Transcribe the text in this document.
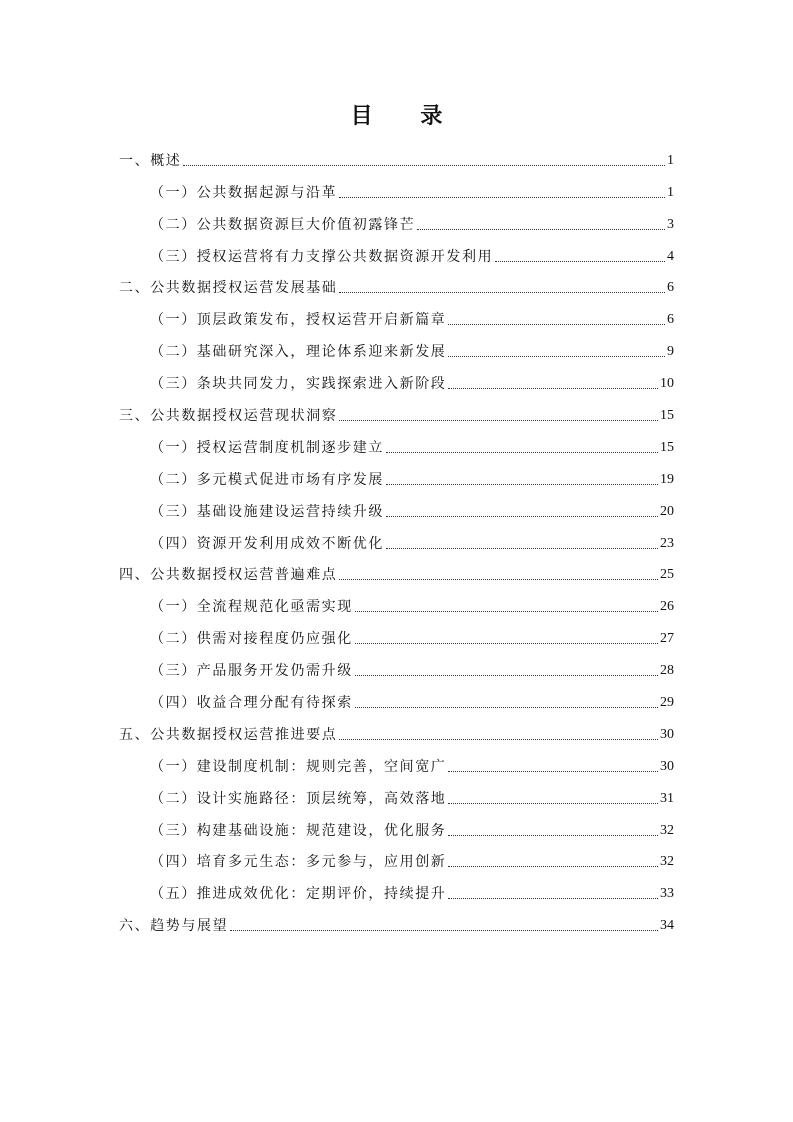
目 录
一、概述	1
（一）公共数据起源与沿革	1
（二）公共数据资源巨大价值初露锋芒	3
（三）授权运营将有力支撑公共数据资源开发利用	4
二、公共数据授权运营发展基础	6
（一）顶层政策发布，授权运营开启新篇章	6
（二）基础研究深入，理论体系迎来新发展	9
（三）条块共同发力，实践探索进入新阶段	10
三、公共数据授权运营现状洞察	15
（一）授权运营制度机制逐步建立	15
（二）多元模式促进市场有序发展	19
（三）基础设施建设运营持续升级	20
（四）资源开发利用成效不断优化	23
四、公共数据授权运营普遍难点	25
（一）全流程规范化亟需实现	26
（二）供需对接程度仍应强化	27
（三）产品服务开发仍需升级	28
（四）收益合理分配有待探索	29
五、公共数据授权运营推进要点	30
（一）建设制度机制：规则完善，空间宽广	30
（二）设计实施路径：顶层统筹，高效落地	31
（三）构建基础设施：规范建设，优化服务	32
（四）培育多元生态：多元参与，应用创新	32
（五）推进成效优化：定期评价，持续提升	33
六、趋势与展望	34
